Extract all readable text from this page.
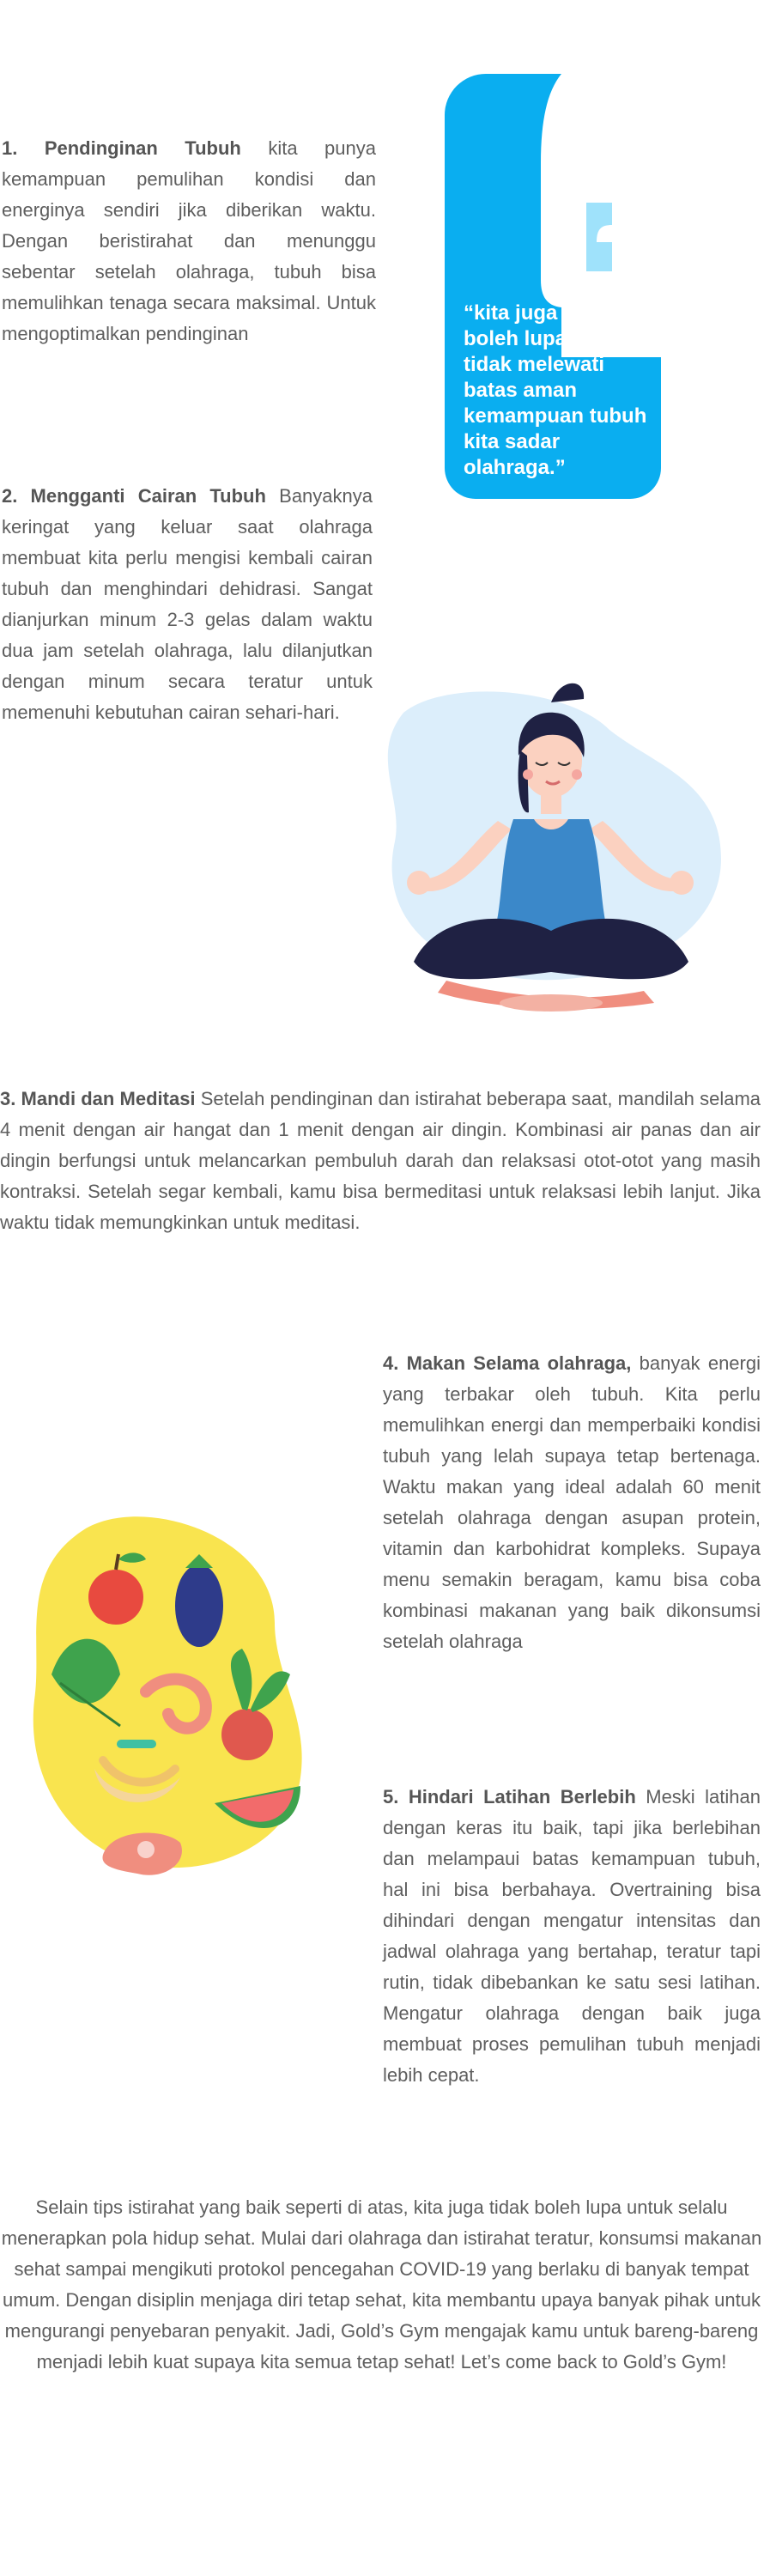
1. Pendinginan Tubuh kita punya kemampuan pemulihan kondisi dan energinya sendiri jika diberikan waktu. Dengan beristirahat dan menunggu sebentar setelah olahraga, tubuh bisa memulihkan tenaga secara maksimal. Untuk mengoptimalkan pendinginan

“kita juga tidak boleh lupa untuk tidak melewati batas aman kemampuan tubuh kita sadar olahraga.”

2. Mengganti Cairan Tubuh Banyaknya keringat yang keluar saat olahraga membuat kita perlu mengisi kembali cairan tubuh dan menghindari dehidrasi. Sangat dianjurkan minum 2-3 gelas dalam waktu dua jam setelah olahraga, lalu dilanjutkan dengan minum secara teratur untuk memenuhi kebutuhan cairan sehari-hari.

3. Mandi dan Meditasi Setelah pendinginan dan istirahat beberapa saat, mandilah selama 4 menit dengan air hangat dan 1 menit dengan air dingin. Kombinasi air panas dan air dingin berfungsi untuk melancarkan pembuluh darah dan relaksasi otot-otot yang masih kontraksi. Setelah segar kembali, kamu bisa bermeditasi untuk relaksasi lebih lanjut. Jika waktu tidak memungkinkan untuk meditasi.

4. Makan Selama olahraga, banyak energi yang terbakar oleh tubuh. Kita perlu memulihkan energi dan memperbaiki kondisi tubuh yang lelah supaya tetap bertenaga. Waktu makan yang ideal adalah 60 menit setelah olahraga dengan asupan protein, vitamin dan karbohidrat kompleks. Supaya menu semakin beragam, kamu bisa coba kombinasi makanan yang baik dikonsumsi setelah olahraga

5. Hindari Latihan Berlebih Meski latihan dengan keras itu baik, tapi jika berlebihan dan melampaui batas kemampuan tubuh, hal ini bisa berbahaya. Overtraining bisa dihindari dengan mengatur intensitas dan jadwal olahraga yang bertahap, teratur tapi rutin, tidak dibebankan ke satu sesi latihan. Mengatur olahraga dengan baik juga membuat proses pemulihan tubuh menjadi lebih cepat.

Selain tips istirahat yang baik seperti di atas, kita juga tidak boleh lupa untuk selalu menerapkan pola hidup sehat. Mulai dari olahraga dan istirahat teratur, konsumsi makanan sehat sampai mengikuti protokol pencegahan COVID-19 yang berlaku di banyak tempat umum. Dengan disiplin menjaga diri tetap sehat, kita membantu upaya banyak pihak untuk mengurangi penyebaran penyakit. Jadi, Gold’s Gym mengajak kamu untuk bareng-bareng menjadi lebih kuat supaya kita semua tetap sehat! Let’s come back to Gold’s Gym!
